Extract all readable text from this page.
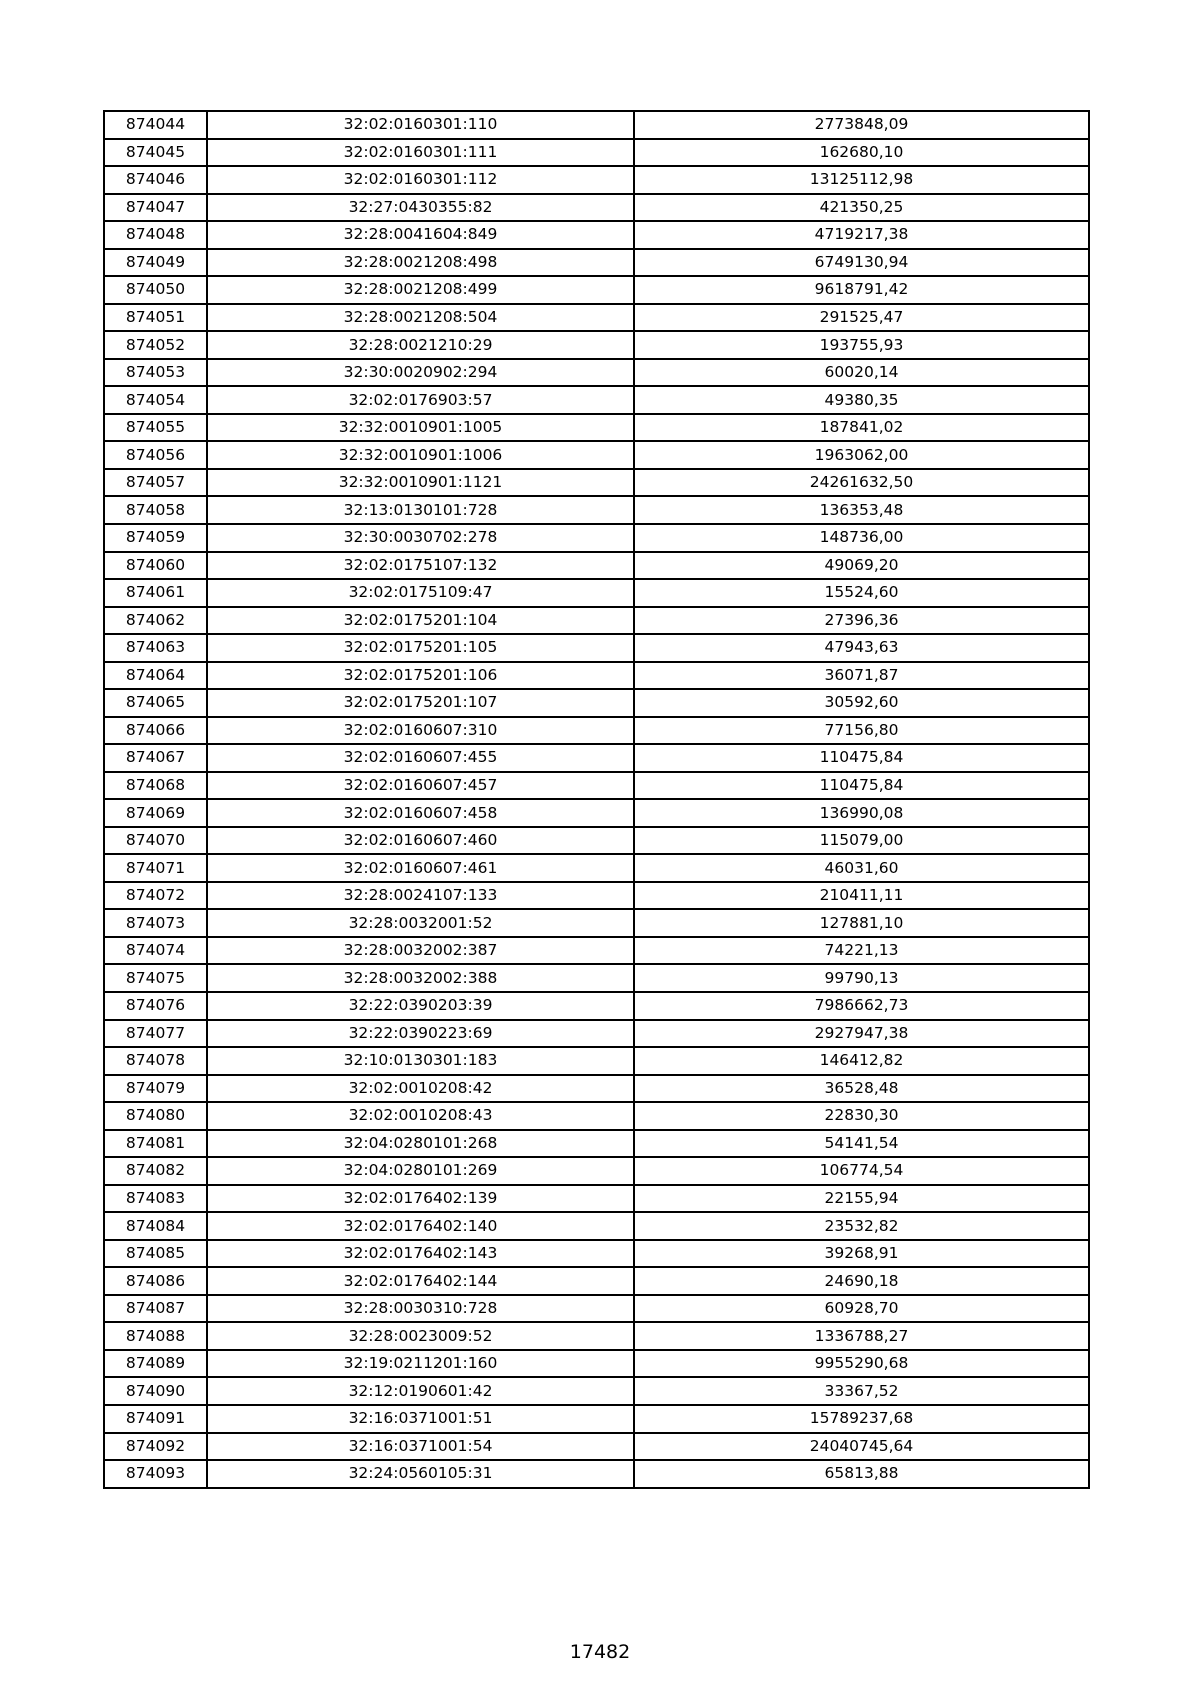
874044	32:02:0160301:110	2773848,09
874045	32:02:0160301:111	162680,10
874046	32:02:0160301:112	13125112,98
874047	32:27:0430355:82	421350,25
874048	32:28:0041604:849	4719217,38
874049	32:28:0021208:498	6749130,94
874050	32:28:0021208:499	9618791,42
874051	32:28:0021208:504	291525,47
874052	32:28:0021210:29	193755,93
874053	32:30:0020902:294	60020,14
874054	32:02:0176903:57	49380,35
874055	32:32:0010901:1005	187841,02
874056	32:32:0010901:1006	1963062,00
874057	32:32:0010901:1121	24261632,50
874058	32:13:0130101:728	136353,48
874059	32:30:0030702:278	148736,00
874060	32:02:0175107:132	49069,20
874061	32:02:0175109:47	15524,60
874062	32:02:0175201:104	27396,36
874063	32:02:0175201:105	47943,63
874064	32:02:0175201:106	36071,87
874065	32:02:0175201:107	30592,60
874066	32:02:0160607:310	77156,80
874067	32:02:0160607:455	110475,84
874068	32:02:0160607:457	110475,84
874069	32:02:0160607:458	136990,08
874070	32:02:0160607:460	115079,00
874071	32:02:0160607:461	46031,60
874072	32:28:0024107:133	210411,11
874073	32:28:0032001:52	127881,10
874074	32:28:0032002:387	74221,13
874075	32:28:0032002:388	99790,13
874076	32:22:0390203:39	7986662,73
874077	32:22:0390223:69	2927947,38
874078	32:10:0130301:183	146412,82
874079	32:02:0010208:42	36528,48
874080	32:02:0010208:43	22830,30
874081	32:04:0280101:268	54141,54
874082	32:04:0280101:269	106774,54
874083	32:02:0176402:139	22155,94
874084	32:02:0176402:140	23532,82
874085	32:02:0176402:143	39268,91
874086	32:02:0176402:144	24690,18
874087	32:28:0030310:728	60928,70
874088	32:28:0023009:52	1336788,27
874089	32:19:0211201:160	9955290,68
874090	32:12:0190601:42	33367,52
874091	32:16:0371001:51	15789237,68
874092	32:16:0371001:54	24040745,64
874093	32:24:0560105:31	65813,88
17482
